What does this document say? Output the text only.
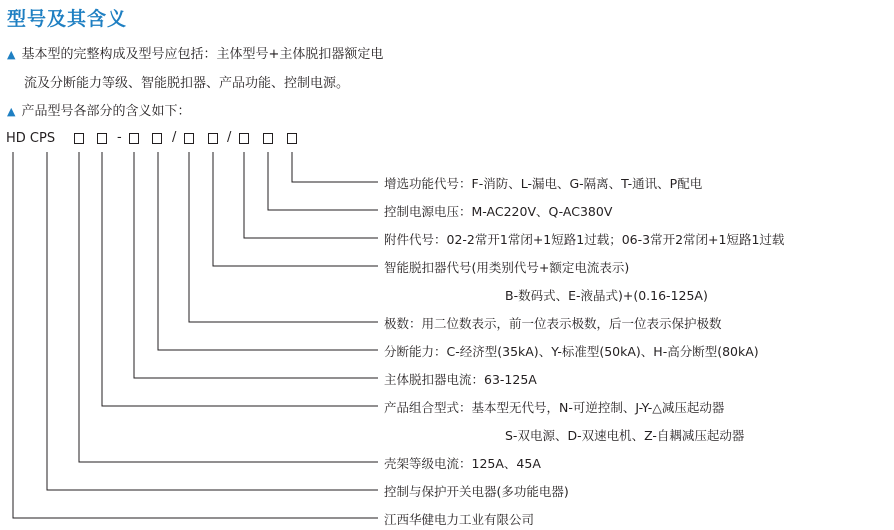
型号及其含义
▲ 基本型的完整构成及型号应包括：主体型号+主体脱扣器额定电
流及分断能力等级、智能脱扣器、产品功能、控制电源。
▲ 产品型号各部分的含义如下：
HD CPS	-	/	/
增选功能代号：F-消防、L-漏电、G-隔离、T-通讯、P配电
控制电源电压：M-AC220V、Q-AC380V
附件代号：02-2常开1常闭+1短路1过载；06-3常开2常闭+1短路1过载
智能脱扣器代号(用类别代号+额定电流表示)
B-数码式、E-液晶式)+(0.16-125A)
极数：用二位数表示，前一位表示极数，后一位表示保护极数
分断能力：C-经济型(35kA)、Y-标准型(50kA)、H-高分断型(80kA)
主体脱扣器电流：63-125A
产品组合型式：基本型无代号，N-可逆控制、J-Y-△减压起动器
S-双电源、D-双速电机、Z-自耦减压起动器
壳架等级电流：125A、45A
控制与保护开关电器(多功能电器)
江西华健电力工业有限公司
